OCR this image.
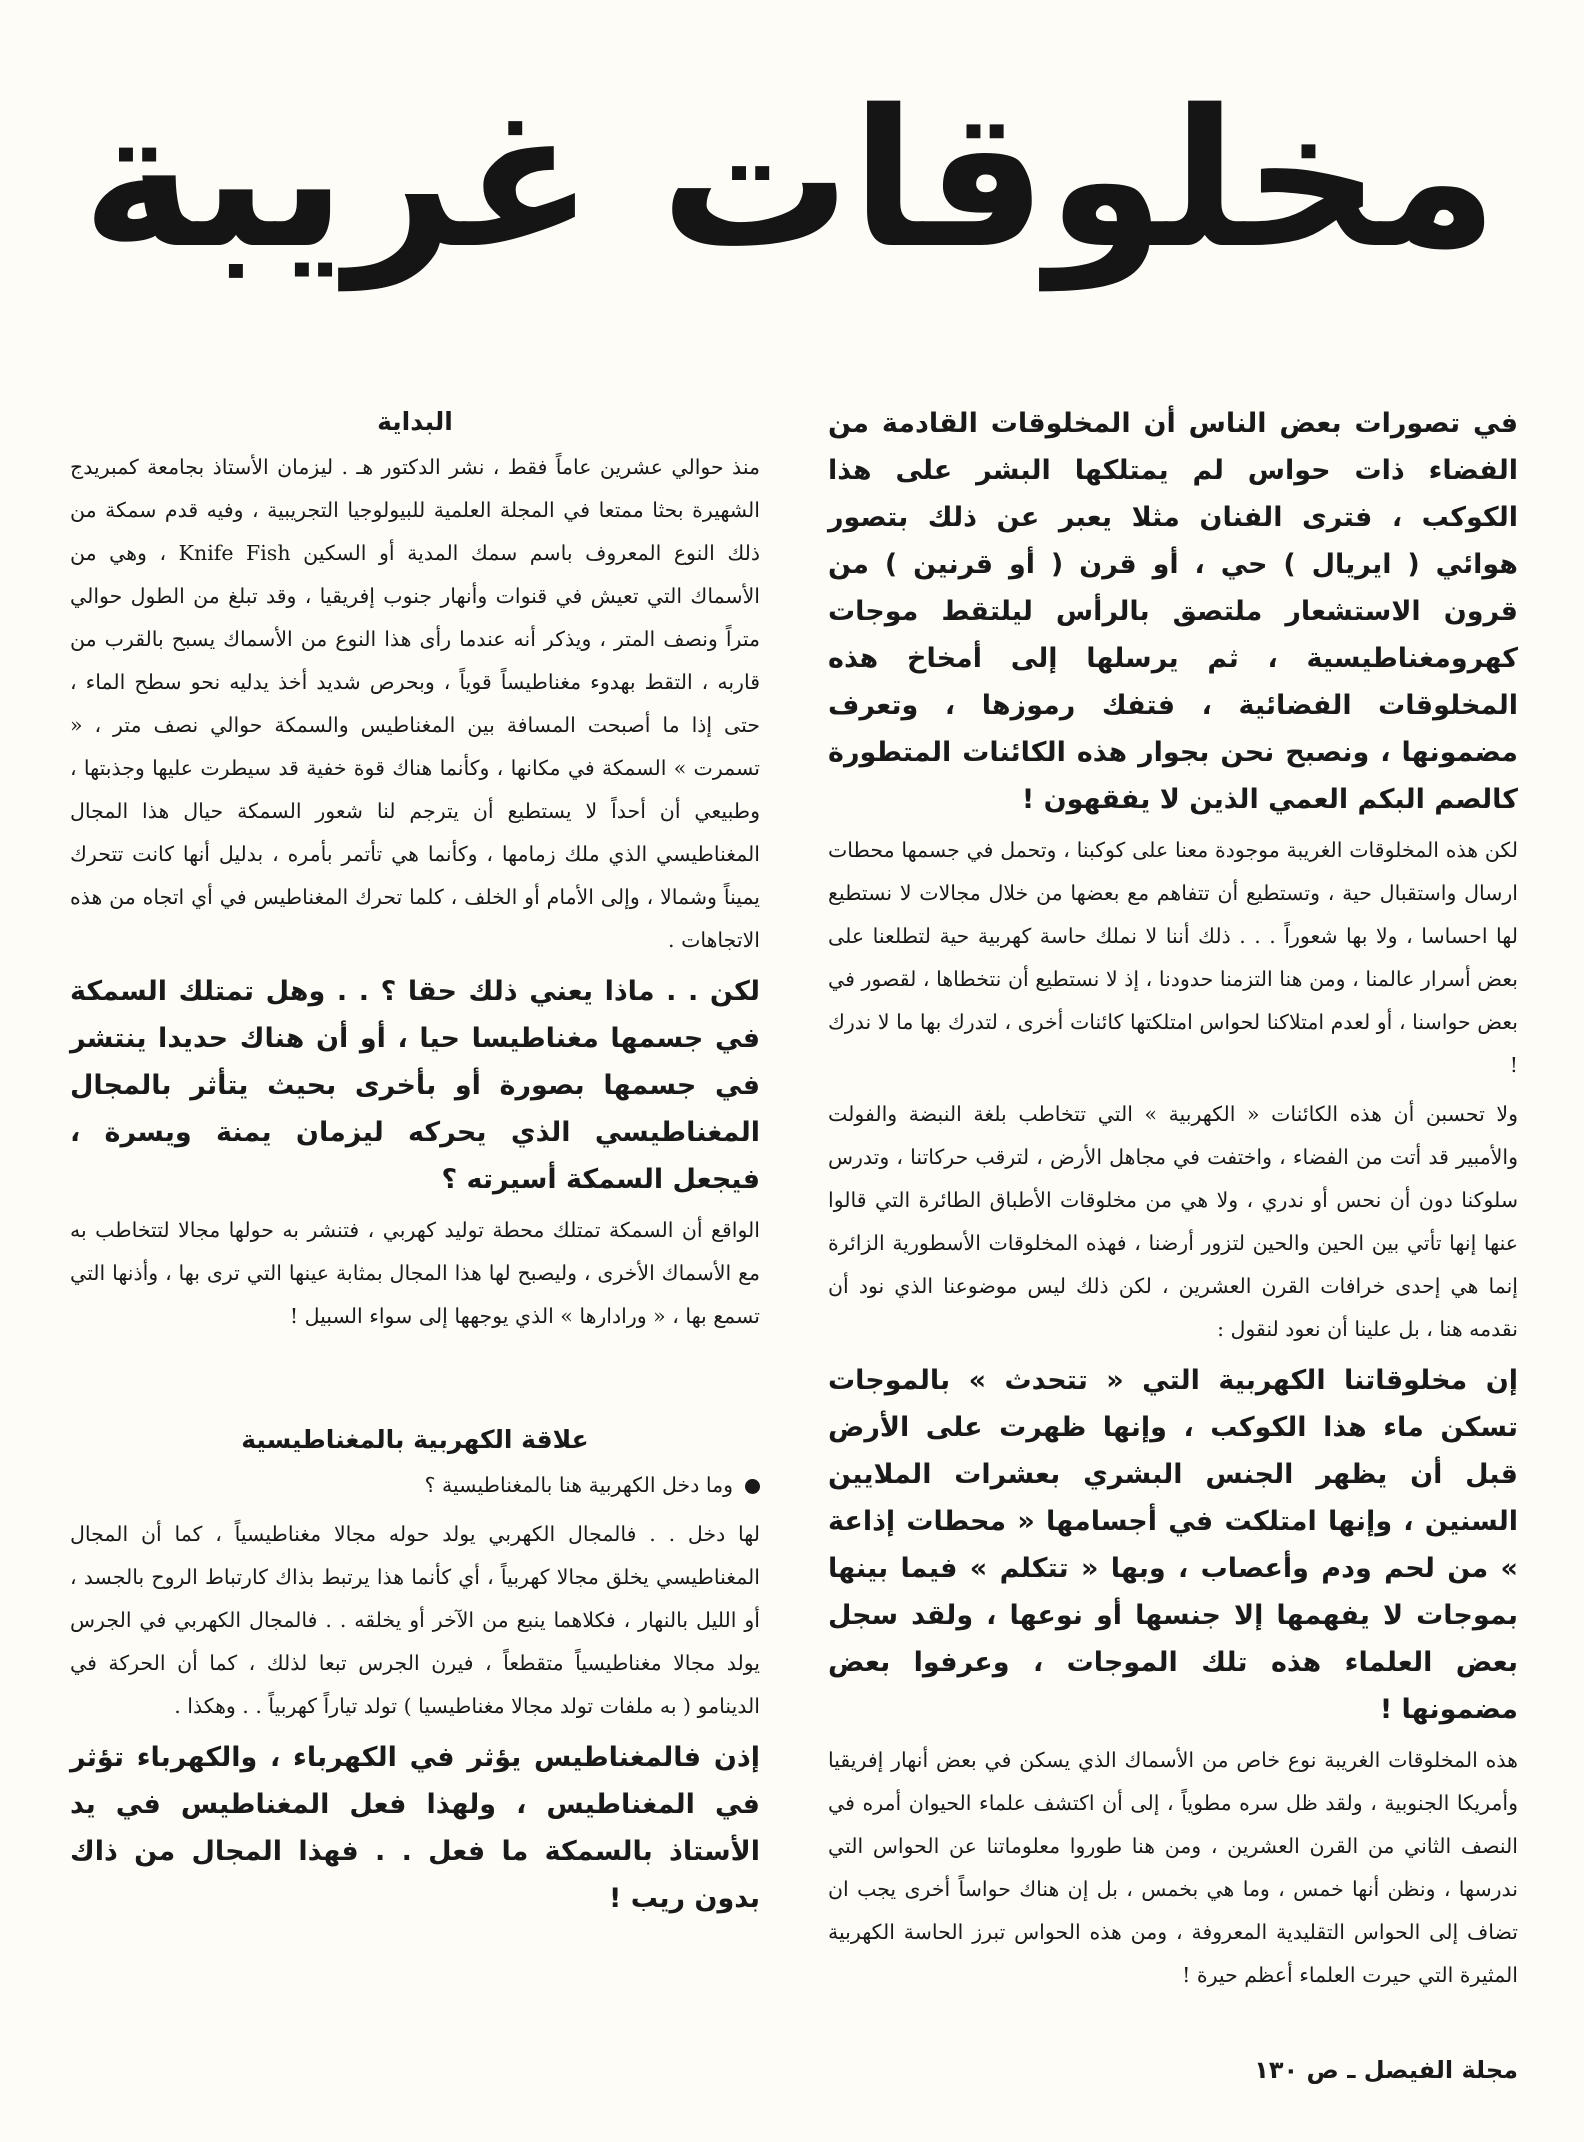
مخلوقات غريبة

في تصورات بعض الناس أن المخلوقات القادمة من الفضاء ذات حواس لم يمتلكها البشر على هذا الكوكب ، فترى الفنان مثلا يعبر عن ذلك بتصور هوائي ( ايريال ) حي ، أو قرن ( أو قرنين ) من قرون الاستشعار ملتصق بالرأس ليلتقط موجات كهرومغناطيسية ، ثم يرسلها إلى أمخاخ هذه المخلوقات الفضائية ، فتفك رموزها ، وتعرف مضمونها ، ونصبح نحن بجوار هذه الكائنات المتطورة كالصم البكم العمي الذين لا يفقهون !

لكن هذه المخلوقات الغريبة موجودة معنا على كوكبنا ، وتحمل في جسمها محطات ارسال واستقبال حية ، وتستطيع أن تتفاهم مع بعضها من خلال مجالات لا نستطيع لها احساسا ، ولا بها شعوراً . . . ذلك أننا لا نملك حاسة كهربية حية لتطلعنا على بعض أسرار عالمنا ، ومن هنا التزمنا حدودنا ، إذ لا نستطيع أن نتخطاها ، لقصور في بعض حواسنا ، أو لعدم امتلاكنا لحواس امتلكتها كائنات أخرى ، لتدرك بها ما لا ندرك !

ولا تحسبن أن هذه الكائنات « الكهربية » التي تتخاطب بلغة النبضة والفولت والأمبير قد أتت من الفضاء ، واختفت في مجاهل الأرض ، لترقب حركاتنا ، وتدرس سلوكنا دون أن نحس أو ندري ، ولا هي من مخلوقات الأطباق الطائرة التي قالوا عنها إنها تأتي بين الحين والحين لتزور أرضنا ، فهذه المخلوقات الأسطورية الزائرة إنما هي إحدى خرافات القرن العشرين ، لكن ذلك ليس موضوعنا الذي نود أن نقدمه هنا ، بل علينا أن نعود لنقول :

إن مخلوقاتنا الكهربية التي « تتحدث » بالموجات تسكن ماء هذا الكوكب ، وإنها ظهرت على الأرض قبل أن يظهر الجنس البشري بعشرات الملايين السنين ، وإنها امتلكت في أجسامها « محطات إذاعة » من لحم ودم وأعصاب ، وبها « تتكلم » فيما بينها بموجات لا يفهمها إلا جنسها أو نوعها ، ولقد سجل بعض العلماء هذه تلك الموجات ، وعرفوا بعض مضمونها !

هذه المخلوقات الغريبة نوع خاص من الأسماك الذي يسكن في بعض أنهار إفريقيا وأمريكا الجنوبية ، ولقد ظل سره مطوياً ، إلى أن اكتشف علماء الحيوان أمره في النصف الثاني من القرن العشرين ، ومن هنا طوروا معلوماتنا عن الحواس التي ندرسها ، ونظن أنها خمس ، وما هي بخمس ، بل إن هناك حواساً أخرى يجب ان تضاف إلى الحواس التقليدية المعروفة ، ومن هذه الحواس تبرز الحاسة الكهربية المثيرة التي حيرت العلماء أعظم حيرة !

البداية

منذ حوالي عشرين عاماً فقط ، نشر الدكتور هـ . ليزمان الأستاذ بجامعة كمبريدج الشهيرة بحثا ممتعا في المجلة العلمية للبيولوجيا التجريبية ، وفيه قدم سمكة من ذلك النوع المعروف باسم سمك المدية أو السكين Knife Fish ، وهي من الأسماك التي تعيش في قنوات وأنهار جنوب إفريقيا ، وقد تبلغ من الطول حوالي متراً ونصف المتر ، ويذكر أنه عندما رأى هذا النوع من الأسماك يسبح بالقرب من قاربه ، التقط بهدوء مغناطيساً قوياً ، وبحرص شديد أخذ يدليه نحو سطح الماء ، حتى إذا ما أصبحت المسافة بين المغناطيس والسمكة حوالي نصف متر ، « تسمرت » السمكة في مكانها ، وكأنما هناك قوة خفية قد سيطرت عليها وجذبتها ، وطبيعي أن أحداً لا يستطيع أن يترجم لنا شعور السمكة حيال هذا المجال المغناطيسي الذي ملك زمامها ، وكأنما هي تأتمر بأمره ، بدليل أنها كانت تتحرك يميناً وشمالا ، وإلى الأمام أو الخلف ، كلما تحرك المغناطيس في أي اتجاه من هذه الاتجاهات .

لكن . . ماذا يعني ذلك حقا ؟ . . وهل تمتلك السمكة في جسمها مغناطيسا حيا ، أو أن هناك حديدا ينتشر في جسمها بصورة أو بأخرى بحيث يتأثر بالمجال المغناطيسي الذي يحركه ليزمان يمنة ويسرة ، فيجعل السمكة أسيرته ؟

الواقع أن السمكة تمتلك محطة توليد كهربي ، فتنشر به حولها مجالا لتتخاطب به مع الأسماك الأخرى ، وليصبح لها هذا المجال بمثابة عينها التي ترى بها ، وأذنها التي تسمع بها ، « ورادارها » الذي يوجهها إلى سواء السبيل !

علاقة الكهربية بالمغناطيسية

وما دخل الكهربية هنا بالمغناطيسية ؟

لها دخل . . فالمجال الكهربي يولد حوله مجالا مغناطيسياً ، كما أن المجال المغناطيسي يخلق مجالا كهربياً ، أي كأنما هذا يرتبط بذاك كارتباط الروح بالجسد ، أو الليل بالنهار ، فكلاهما ينبع من الآخر أو يخلقه . . فالمجال الكهربي في الجرس يولد مجالا مغناطيسياً متقطعاً ، فيرن الجرس تبعا لذلك ، كما أن الحركة في الدينامو ( به ملفات تولد مجالا مغناطيسيا ) تولد تياراً كهربياً . . وهكذا .

إذن فالمغناطيس يؤثر في الكهرباء ، والكهرباء تؤثر في المغناطيس ، ولهذا فعل المغناطيس في يد الأستاذ بالسمكة ما فعل . . فهذا المجال من ذاك بدون ريب !

مجلة الفيصل ـ ص ١٣٠
